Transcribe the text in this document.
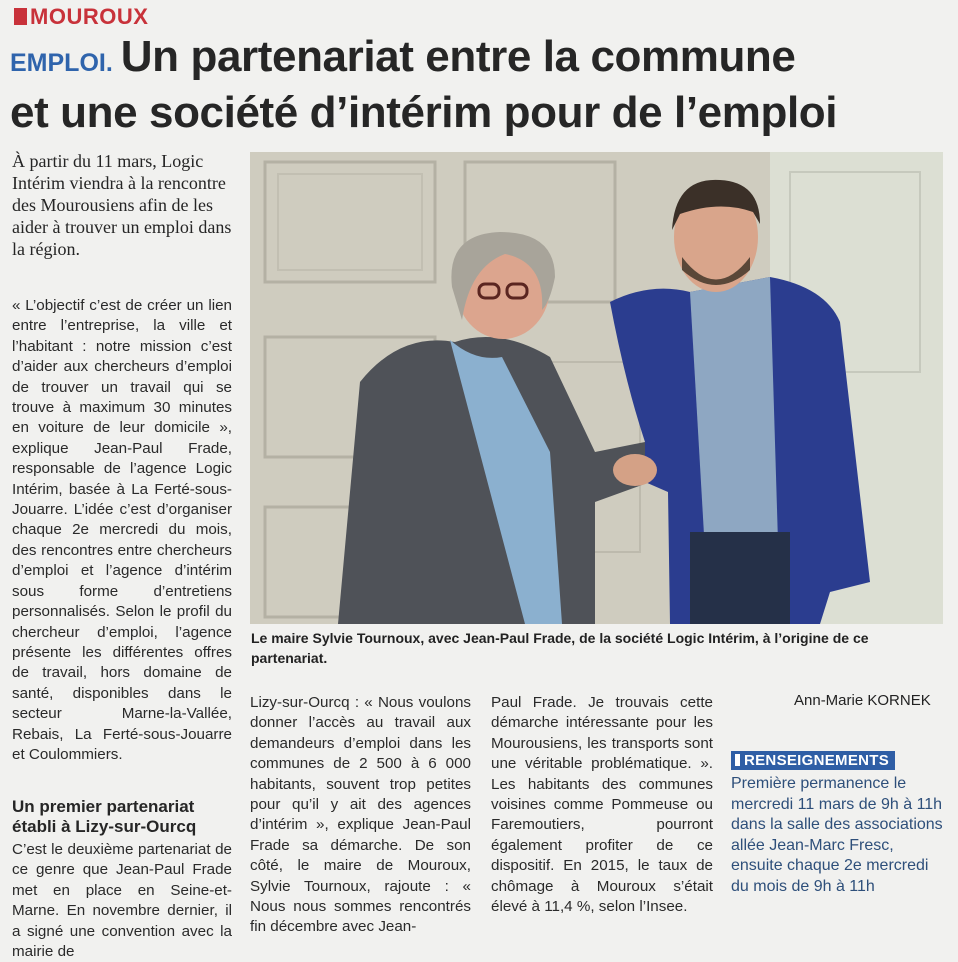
MOUROUX
EMPLOI. Un partenariat entre la commune
et une société d’intérim pour de l’emploi
À partir du 11 mars, Logic Intérim viendra à la rencontre des Mourousiens afin de les aider à trouver un emploi dans la région.

« L’objectif c’est de créer un lien entre l’entreprise, la ville et l’habitant : notre mission c’est d’aider aux chercheurs d’emploi de trouver un travail qui se trouve à maximum 30 minutes en voiture de leur domicile », explique Jean-Paul Frade, responsable de l’agence Logic Intérim, basée à La Ferté-sous-Jouarre. L’idée c’est d’organiser chaque 2e mercredi du mois, des rencontres entre chercheurs d’emploi et l’agence d’intérim sous forme d’entretiens personnalisés. Selon le profil du chercheur d’emploi, l’agence présente les différentes offres de travail, hors domaine de santé, disponibles dans le secteur Marne-la-Vallée, Rebais, La Ferté-sous-Jouarre et Coulommiers.

Un premier partenariat établi à Lizy-sur-Ourcq

C’est le deuxième partenariat de ce genre que Jean-Paul Frade met en place en Seine-et-Marne. En novembre dernier, il a signé une convention avec la mairie de

Lizy-sur-Ourcq : « Nous voulons donner l’accès au travail aux demandeurs d’emploi dans les communes de 2 500 à 6 000 habitants, souvent trop petites pour qu’il y ait des agences d’intérim », explique Jean-Paul Frade sa démarche. De son côté, le maire de Mouroux, Sylvie Tournoux, rajoute : « Nous nous sommes rencontrés fin décembre avec Jean-

Paul Frade. Je trouvais cette démarche intéressante pour les Mourousiens, les transports sont une véritable problématique. ». Les habitants des communes voisines comme Pommeuse ou Faremoutiers, pourront également profiter de ce dispositif. En 2015, le taux de chômage à Mouroux s’était élevé à 11,4 %, selon l’Insee.

Le maire Sylvie Tournoux, avec Jean-Paul Frade, de la société Logic Intérim, à l’origine de ce partenariat.
Ann-Marie KORNEK
RENSEIGNEMENTS

Première permanence le mercredi 11 mars de 9h à 11h dans la salle des associations allée Jean-Marc Fresc, ensuite chaque 2e mercredi du mois de 9h à 11h
